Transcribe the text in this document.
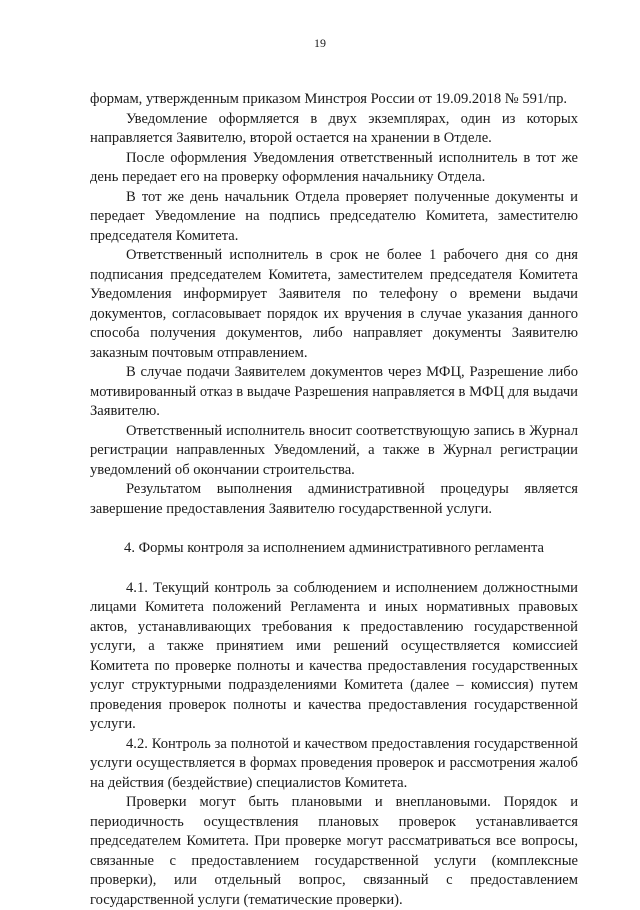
19

формам, утвержденным приказом Минстроя России от 19.09.2018 № 591/пр.

Уведомление оформляется в двух экземплярах, один из которых направляется Заявителю, второй остается на хранении в Отделе.

После оформления Уведомления ответственный исполнитель в тот же день передает его на проверку оформления начальнику Отдела.

В тот же день начальник Отдела проверяет полученные документы и передает Уведомление на подпись председателю Комитета, заместителю председателя Комитета.

Ответственный исполнитель в срок не более 1 рабочего дня со дня подписания председателем Комитета, заместителем председателя Комитета Уведомления информирует Заявителя по телефону о времени выдачи документов, согласовывает порядок их вручения в случае указания данного способа получения документов, либо направляет документы Заявителю заказным почтовым отправлением.

В случае подачи Заявителем документов через МФЦ, Разрешение либо мотивированный отказ в выдаче Разрешения направляется в МФЦ для выдачи Заявителю.

Ответственный исполнитель вносит соответствующую запись в Журнал регистрации направленных Уведомлений, а также в Журнал регистрации уведомлений об окончании строительства.

Результатом выполнения административной процедуры является завершение предоставления Заявителю государственной услуги.

4. Формы контроля за исполнением административного регламента

4.1. Текущий контроль за соблюдением и исполнением должностными лицами Комитета положений Регламента и иных нормативных правовых актов, устанавливающих требования к предоставлению государственной услуги, а также принятием ими решений осуществляется комиссией Комитета по проверке полноты и качества предоставления государственных услуг структурными подразделениями Комитета (далее – комиссия) путем проведения проверок полноты и качества предоставления государственной услуги.

4.2. Контроль за полнотой и качеством предоставления государственной услуги осуществляется в формах проведения проверок и рассмотрения жалоб на действия (бездействие) специалистов Комитета.

Проверки могут быть плановыми и внеплановыми. Порядок и периодичность осуществления плановых проверок устанавливается председателем Комитета. При проверке могут рассматриваться все вопросы, связанные с предоставлением государственной услуги (комплексные проверки), или отдельный вопрос, связанный с предоставлением государственной услуги (тематические проверки).
